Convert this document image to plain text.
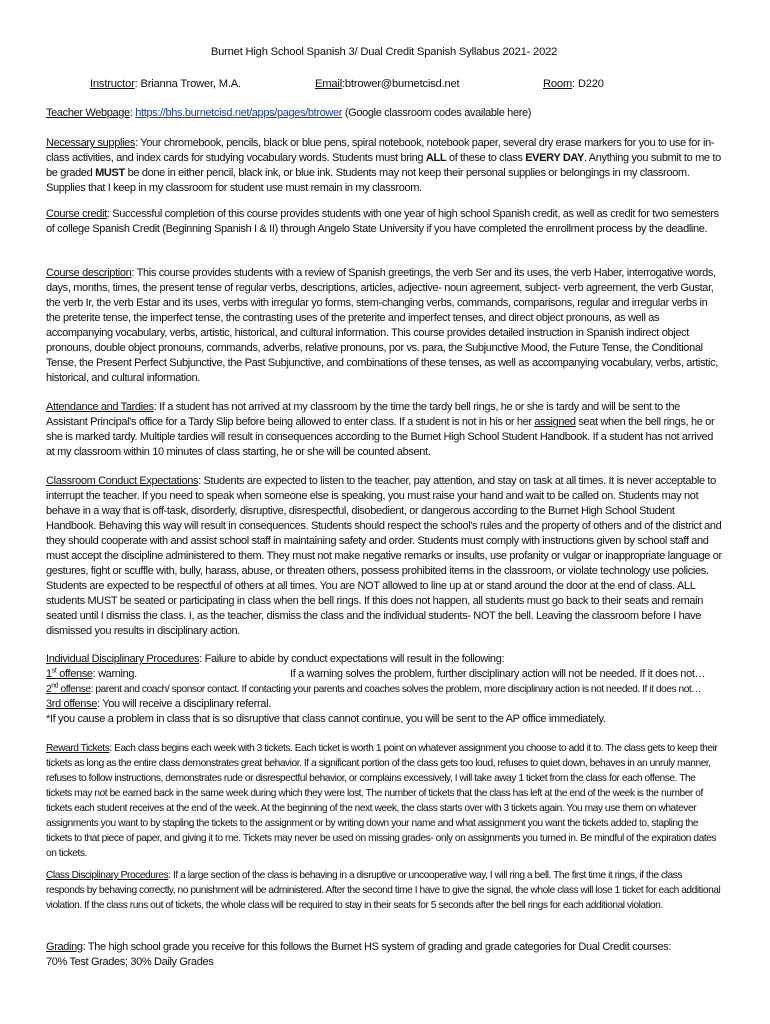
Burnet High School Spanish 3/ Dual Credit Spanish Syllabus 2021- 2022
Instructor: Brianna Trower, M.A.	Email:btrower@burnetcisd.net	Room: D220

Teacher Webpage: https://bhs.burnetcisd.net/apps/pages/btrower (Google classroom codes available here)

Necessary supplies: Your chromebook, pencils, black or blue pens, spiral notebook, notebook paper, several dry erase markers for you to use for in- class activities, and index cards for studying vocabulary words. Students must bring ALL of these to class EVERY DAY. Anything you submit to me to be graded MUST be done in either pencil, black ink, or blue ink. Students may not keep their personal supplies or belongings in my classroom. Supplies that I keep in my classroom for student use must remain in my classroom.

Course credit: Successful completion of this course provides students with one year of high school Spanish credit, as well as credit for two semesters of college Spanish Credit (Beginning Spanish I & II) through Angelo State University if you have completed the enrollment process by the deadline.

Course description: This course provides students with a review of Spanish greetings, the verb Ser and its uses, the verb Haber, interrogative words, days, months, times, the present tense of regular verbs, descriptions, articles, adjective- noun agreement, subject- verb agreement, the verb Gustar, the verb Ir, the verb Estar and its uses, verbs with irregular yo forms, stem-changing verbs, commands, comparisons, regular and irregular verbs in the preterite tense, the imperfect tense, the contrasting uses of the preterite and imperfect tenses, and direct object pronouns, as well as accompanying vocabulary, verbs, artistic, historical, and cultural information. This course provides detailed instruction in Spanish indirect object pronouns, double object pronouns, commands, adverbs, relative pronouns, por vs. para, the Subjunctive Mood, the Future Tense, the Conditional Tense, the Present Perfect Subjunctive, the Past Subjunctive, and combinations of these tenses, as well as accompanying vocabulary, verbs, artistic, historical, and cultural information.

Attendance and Tardies: If a student has not arrived at my classroom by the time the tardy bell rings, he or she is tardy and will be sent to the Assistant Principal's office for a Tardy Slip before being allowed to enter class. If a student is not in his or her assigned seat when the bell rings, he or she is marked tardy. Multiple tardies will result in consequences according to the Burnet High School Student Handbook. If a student has not arrived at my classroom within 10 minutes of class starting, he or she will be counted absent.

Classroom Conduct Expectations: Students are expected to listen to the teacher, pay attention, and stay on task at all times. It is never acceptable to interrupt the teacher. If you need to speak when someone else is speaking, you must raise your hand and wait to be called on. Students may not behave in a way that is off-task, disorderly, disruptive, disrespectful, disobedient, or dangerous according to the Burnet High School Student Handbook. Behaving this way will result in consequences. Students should respect the school's rules and the property of others and of the district and they should cooperate with and assist school staff in maintaining safety and order. Students must comply with instructions given by school staff and must accept the discipline administered to them. They must not make negative remarks or insults, use profanity or vulgar or inappropriate language or gestures, fight or scuffle with, bully, harass, abuse, or threaten others, possess prohibited items in the classroom, or violate technology use policies. Students are expected to be respectful of others at all times. You are NOT allowed to line up at or stand around the door at the end of class. ALL students MUST be seated or participating in class when the bell rings. If this does not happen, all students must go back to their seats and remain seated until I dismiss the class. I, as the teacher, dismiss the class and the individual students- NOT the bell. Leaving the classroom before I have dismissed you results in disciplinary action.

Individual Disciplinary Procedures: Failure to abide by conduct expectations will result in the following:

1st offense: warning.	If a warning solves the problem, further disciplinary action will not be needed. If it does not…

2nd offense: parent and coach/ sponsor contact. If contacting your parents and coaches solves the problem, more disciplinary action is not needed. If it does not…

3rd offense: You will receive a disciplinary referral.

*If you cause a problem in class that is so disruptive that class cannot continue, you will be sent to the AP office immediately.

Reward Tickets: Each class begins each week with 3 tickets. Each ticket is worth 1 point on whatever assignment you choose to add it to. The class gets to keep their tickets as long as the entire class demonstrates great behavior. If a significant portion of the class gets too loud, refuses to quiet down, behaves in an unruly manner, refuses to follow instructions, demonstrates rude or disrespectful behavior, or complains excessively, I will take away 1 ticket from the class for each offense. The tickets may not be earned back in the same week during which they were lost. The number of tickets that the class has left at the end of the week is the number of tickets each student receives at the end of the week. At the beginning of the next week, the class starts over with 3 tickets again. You may use them on whatever assignments you want to by stapling the tickets to the assignment or by writing down your name and what assignment you want the tickets added to, stapling the tickets to that piece of paper, and giving it to me. Tickets may never be used on missing grades- only on assignments you turned in. Be mindful of the expiration dates on tickets.

Class Disciplinary Procedures: If a large section of the class is behaving in a disruptive or uncooperative way, I will ring a bell. The first time it rings, if the class responds by behaving correctly, no punishment will be administered. After the second time I have to give the signal, the whole class will lose 1 ticket for each additional violation. If the class runs out of tickets, the whole class will be required to stay in their seats for 5 seconds after the bell rings for each additional violation.

Grading: The high school grade you receive for this follows the Burnet HS system of grading and grade categories for Dual Credit courses:

70% Test Grades; 30% Daily Grades
